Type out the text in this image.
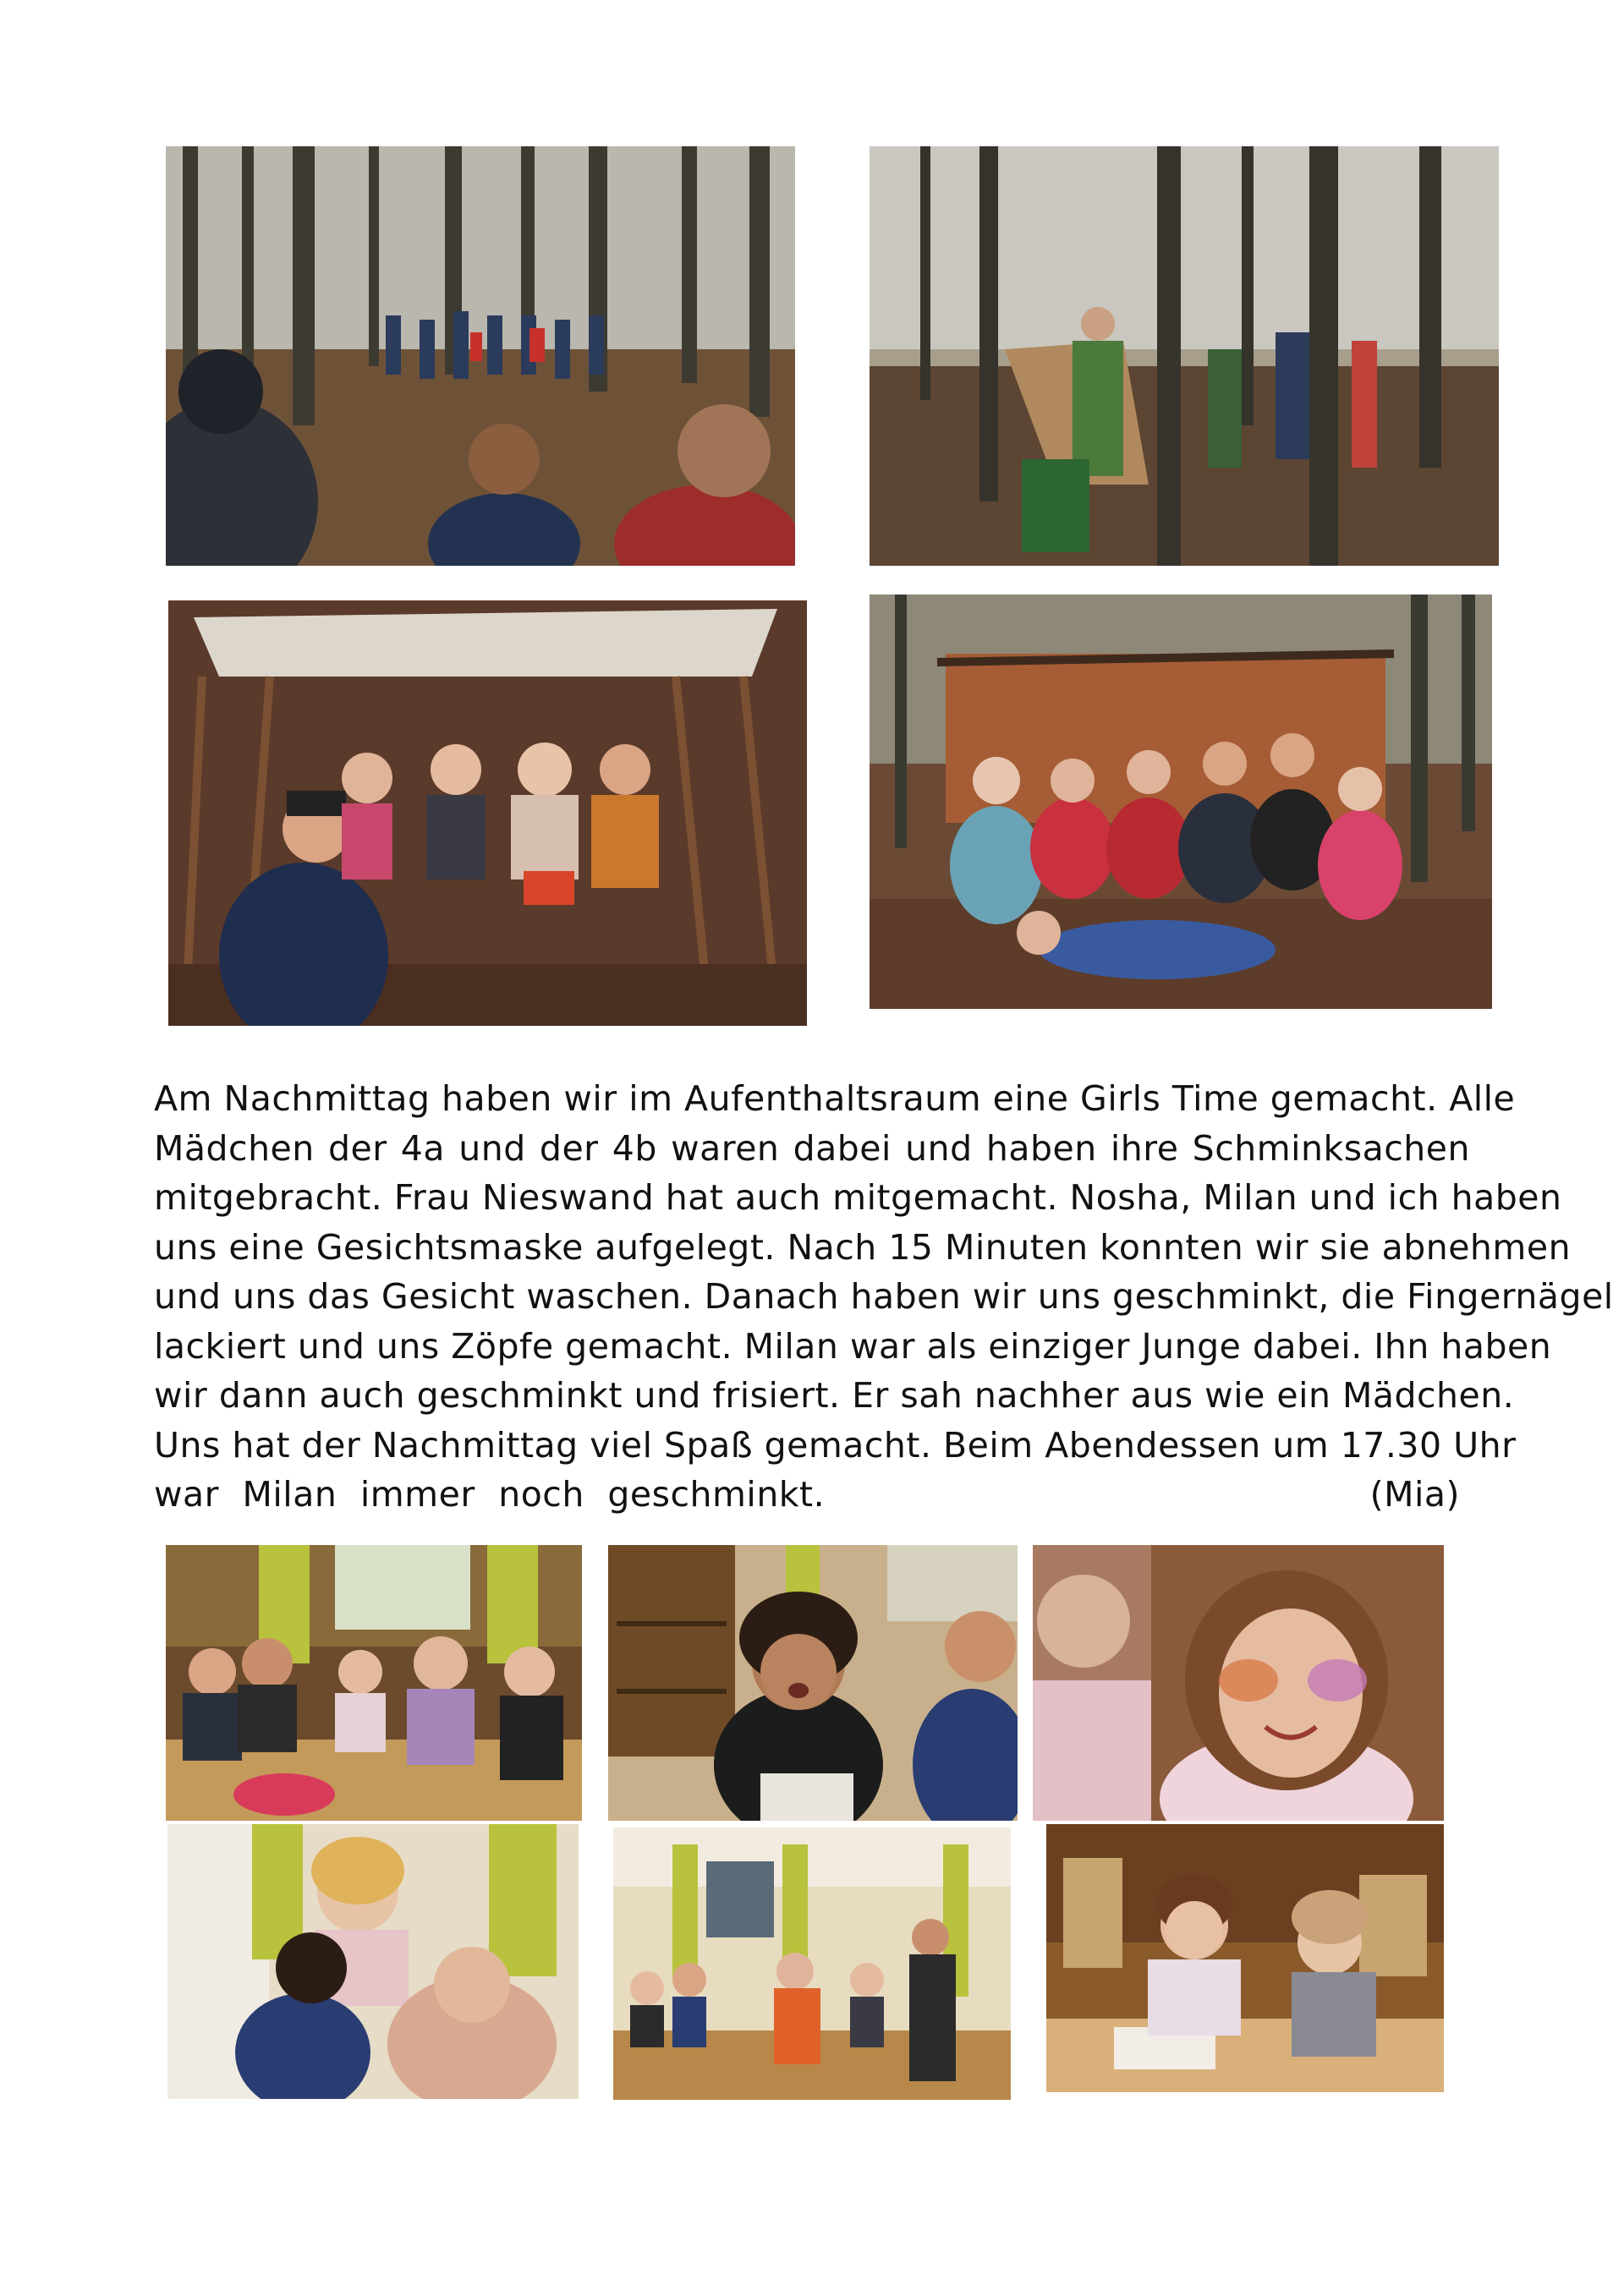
Am Nachmittag haben wir im Aufenthaltsraum eine Girls Time gemacht. Alle
Mädchen der 4a und der 4b waren dabei und haben ihre Schminksachen
mitgebracht. Frau Nieswand hat auch mitgemacht. Nosha, Milan und ich haben
uns eine Gesichtsmaske aufgelegt. Nach 15 Minuten konnten wir sie abnehmen
und uns das Gesicht waschen. Danach haben wir uns geschminkt, die Fingernägel
lackiert und uns Zöpfe gemacht. Milan war als einziger Junge dabei. Ihn haben
wir dann auch geschminkt und frisiert. Er sah nachher aus wie ein Mädchen.
Uns hat der Nachmittag viel Spaß gemacht. Beim Abendessen um 17.30 Uhr
war Milan immer noch geschminkt.	(Mia)
